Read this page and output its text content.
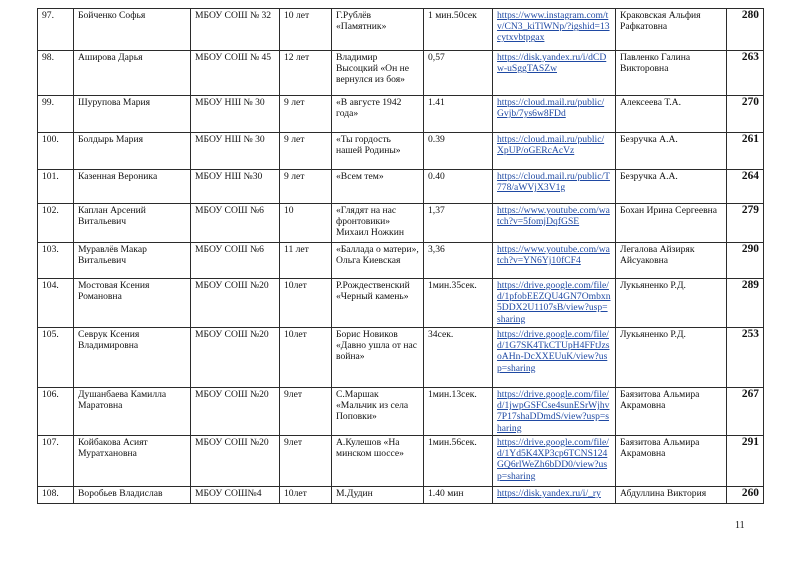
97.	Бойченко Софья	МБОУ СОШ № 32	10 лет	Г.Рублёв «Памятник»	1 мин.50сек	https://www.instagram.com/tv/CN3_kiTlWNp/?igshid=13cytxvbtpgax	Краковская Альфия Рафкатовна	280
98.	Аширова Дарья	МБОУ СОШ № 45	12 лет	Владимир Высоцкий «Он не вернулся из боя»	0,57	https://disk.yandex.ru/i/dCDw-uSggTASZw	Павленко Галина Викторовна	263
99.	Шурупова Мария	МБОУ НШ № 30	9 лет	«В августе 1942 года»	1.41	https://cloud.mail.ru/public/Gvjb/7ys6w8FDd	Алексеева Т.А.	270
100.	Болдырь Мария	МБОУ НШ № 30	9 лет	«Ты гордость нашей Родины»	0.39	https://cloud.mail.ru/public/XpUP/oGERcAcVz	Безручка А.А.	261
101.	Казенная Вероника	МБОУ НШ №30	9 лет	«Всем тем»	0.40	https://cloud.mail.ru/public/T778/aWVjX3V1g	Безручка А.А.	264
102.	Каплан Арсений Витальевич	МБОУ СОШ №6	10	«Глядят на нас фронтовики» Михаил Ножкин	1,37	https://www.youtube.com/watch?v=5fomjDqfGSE	Бохан Ирина Сергеевна	279
103.	Муравлёв Макар Витальевич	МБОУ СОШ №6	11 лет	«Баллада о матери», Ольга Киевская	3,36	https://www.youtube.com/watch?v=YN6Yj10fCF4	Легалова Айзиряк Айсуаковна	290
104.	Мостовая Ксения Романовна	МБОУ СОШ №20	10лет	Р.Рождественский «Черный камень»	1мин.35сек.	https://drive.google.com/file/d/1pfobEEZQU4GN7Ombxn5DDX2U1107sB/view?usp=sharing	Лукьяненко Р.Д.	289
105.	Севрук Ксения Владимировна	МБОУ СОШ №20	10лет	Борис Новиков «Давно ушла от нас война»	34сек.	https://drive.google.com/file/d/1G7SK4TkCTUpH4FFtJzsoAHn-DcXXEUuK/view?usp=sharing	Лукьяненко Р.Д.	253
106.	Душанбаева Камилла Маратовна	МБОУ СОШ №20	9лет	С.Маршак «Мальчик из села Поповки»	1мин.13сек.	https://drive.google.com/file/d/1jwpGSFCse4sunESrWjhv7P17shaDDmdS/view?usp=sharing	Баязитова Альмира Акрамовна	267
107.	Койбакова Асият Муратхановна	МБОУ СОШ №20	9лет	А.Кулешов «На минском шоссе»	1мин.56сек.	https://drive.google.com/file/d/1Yd5K4XP3cp6TCNS124GQ6rlWeZh6bDD0/view?usp=sharing	Баязитова Альмира Акрамовна	291
108.	Воробьев Владислав	МБОУ СОШ№4	10лет	М.Дудин	1.40 мин	https://disk.yandex.ru/i/_ry	Абдуллина Виктория	260
11
